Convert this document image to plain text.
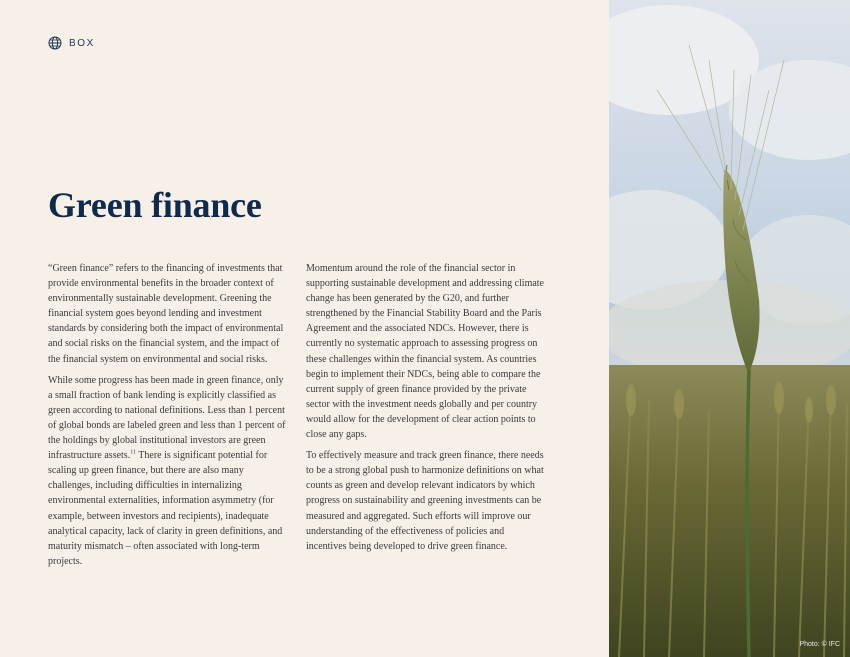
BOX
Green finance

“Green finance” refers to the financing of investments that provide environmental benefits in the broader context of environmentally sustainable development. Greening the financial system goes beyond lending and investment standards by considering both the impact of environmental and social risks on the financial system, and the impact of the financial system on environmental and social risks.

While some progress has been made in green finance, only a small fraction of bank lending is explicitly classified as green according to national definitions. Less than 1 percent of global bonds are labeled green and less than 1 percent of the holdings by global institutional investors are green infrastructure assets.$^{11}$ There is significant potential for scaling up green finance, but there are also many challenges, including difficulties in internalizing environmental externalities, information asymmetry (for example, between investors and recipients), inadequate analytical capacity, lack of clarity in green definitions, and maturity mismatch – often associated with long-term projects.

Momentum around the role of the financial sector in supporting sustainable development and addressing climate change has been generated by the G20, and further strengthened by the Financial Stability Board and the Paris Agreement and the associated NDCs. However, there is currently no systematic approach to assessing progress on these challenges within the financial system. As countries begin to implement their NDCs, being able to compare the current supply of green finance provided by the private sector with the investment needs globally and per country would allow for the development of clear action points to close any gaps.

To effectively measure and track green finance, there needs to be a strong global push to harmonize definitions on what counts as green and develop relevant indicators by which progress on sustainability and greening investments can be measured and aggregated. Such efforts will improve our understanding of the effectiveness of policies and incentives being developed to drive green finance.

Photo: © IFC
